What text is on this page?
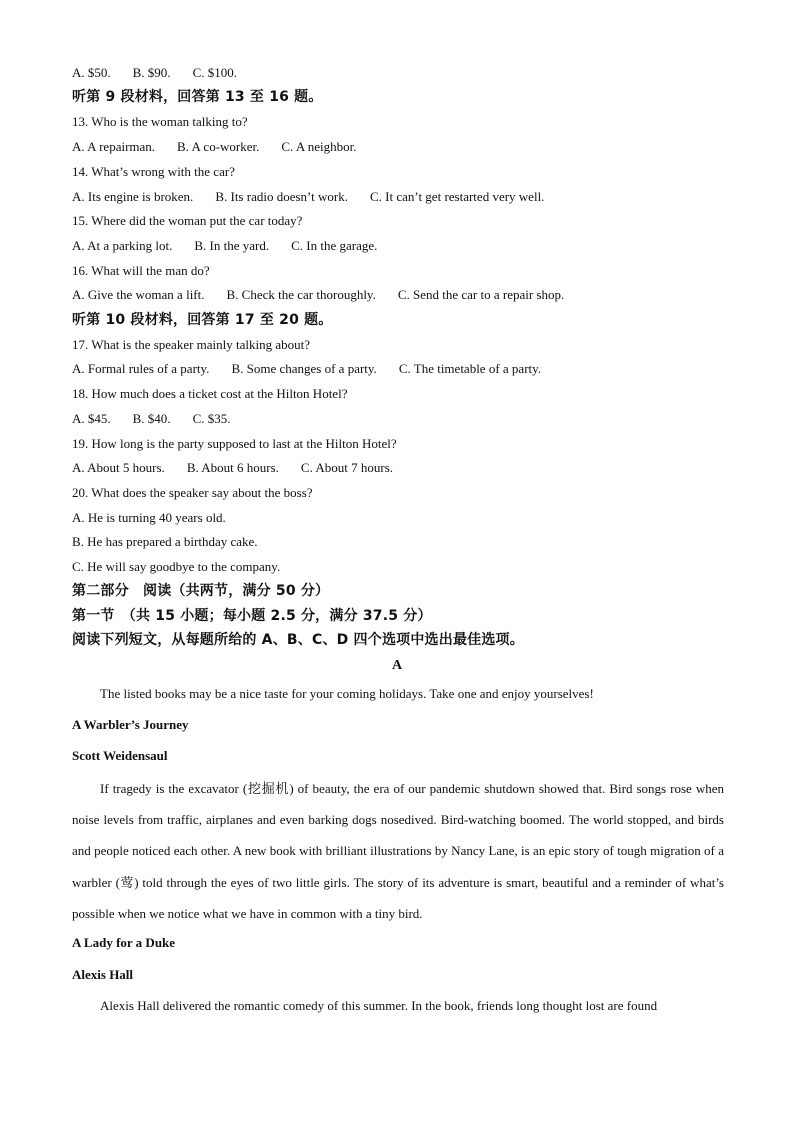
A. $50. B. $90. C. $100.
听第 9 段材料，回答第 13 至 16 题。
13. Who is the woman talking to?
A. A repairman. B. A co-worker. C. A neighbor.
14. What’s wrong with the car?
A. Its engine is broken. B. Its radio doesn’t work. C. It can’t get restarted very well.
15. Where did the woman put the car today?
A. At a parking lot. B. In the yard. C. In the garage.
16. What will the man do?
A. Give the woman a lift. B. Check the car thoroughly. C. Send the car to a repair shop.
听第 10 段材料，回答第 17 至 20 题。
17. What is the speaker mainly talking about?
A. Formal rules of a party. B. Some changes of a party. C. The timetable of a party.
18. How much does a ticket cost at the Hilton Hotel?
A. $45. B. $40. C. $35.
19. How long is the party supposed to last at the Hilton Hotel?
A. About 5 hours. B. About 6 hours. C. About 7 hours.
20. What does the speaker say about the boss?
A. He is turning 40 years old.
B. He has prepared a birthday cake.
C. He will say goodbye to the company.
第二部分　阅读（共两节，满分 50 分）
第一节　（共 15 小题；每小题 2.5 分，满分 37.5 分）
阅读下列短文，从每题所给的 A、B、C、D 四个选项中选出最佳选项。
A
The listed books may be a nice taste for your coming holidays. Take one and enjoy yourselves!
A Warbler’s Journey
Scott Weidensaul
If tragedy is the excavator (挖掘机) of beauty, the era of our pandemic shutdown showed that. Bird songs rose when noise levels from traffic, airplanes and even barking dogs nosedived. Bird-watching boomed. The world stopped, and birds and people noticed each other. A new book with brilliant illustrations by Nancy Lane, is an epic story of tough migration of a warbler (莺) told through the eyes of two little girls. The story of its adventure is smart, beautiful and a reminder of what’s possible when we notice what we have in common with a tiny bird.
A Lady for a Duke
Alexis Hall
Alexis Hall delivered the romantic comedy of this summer. In the book, friends long thought lost are found
